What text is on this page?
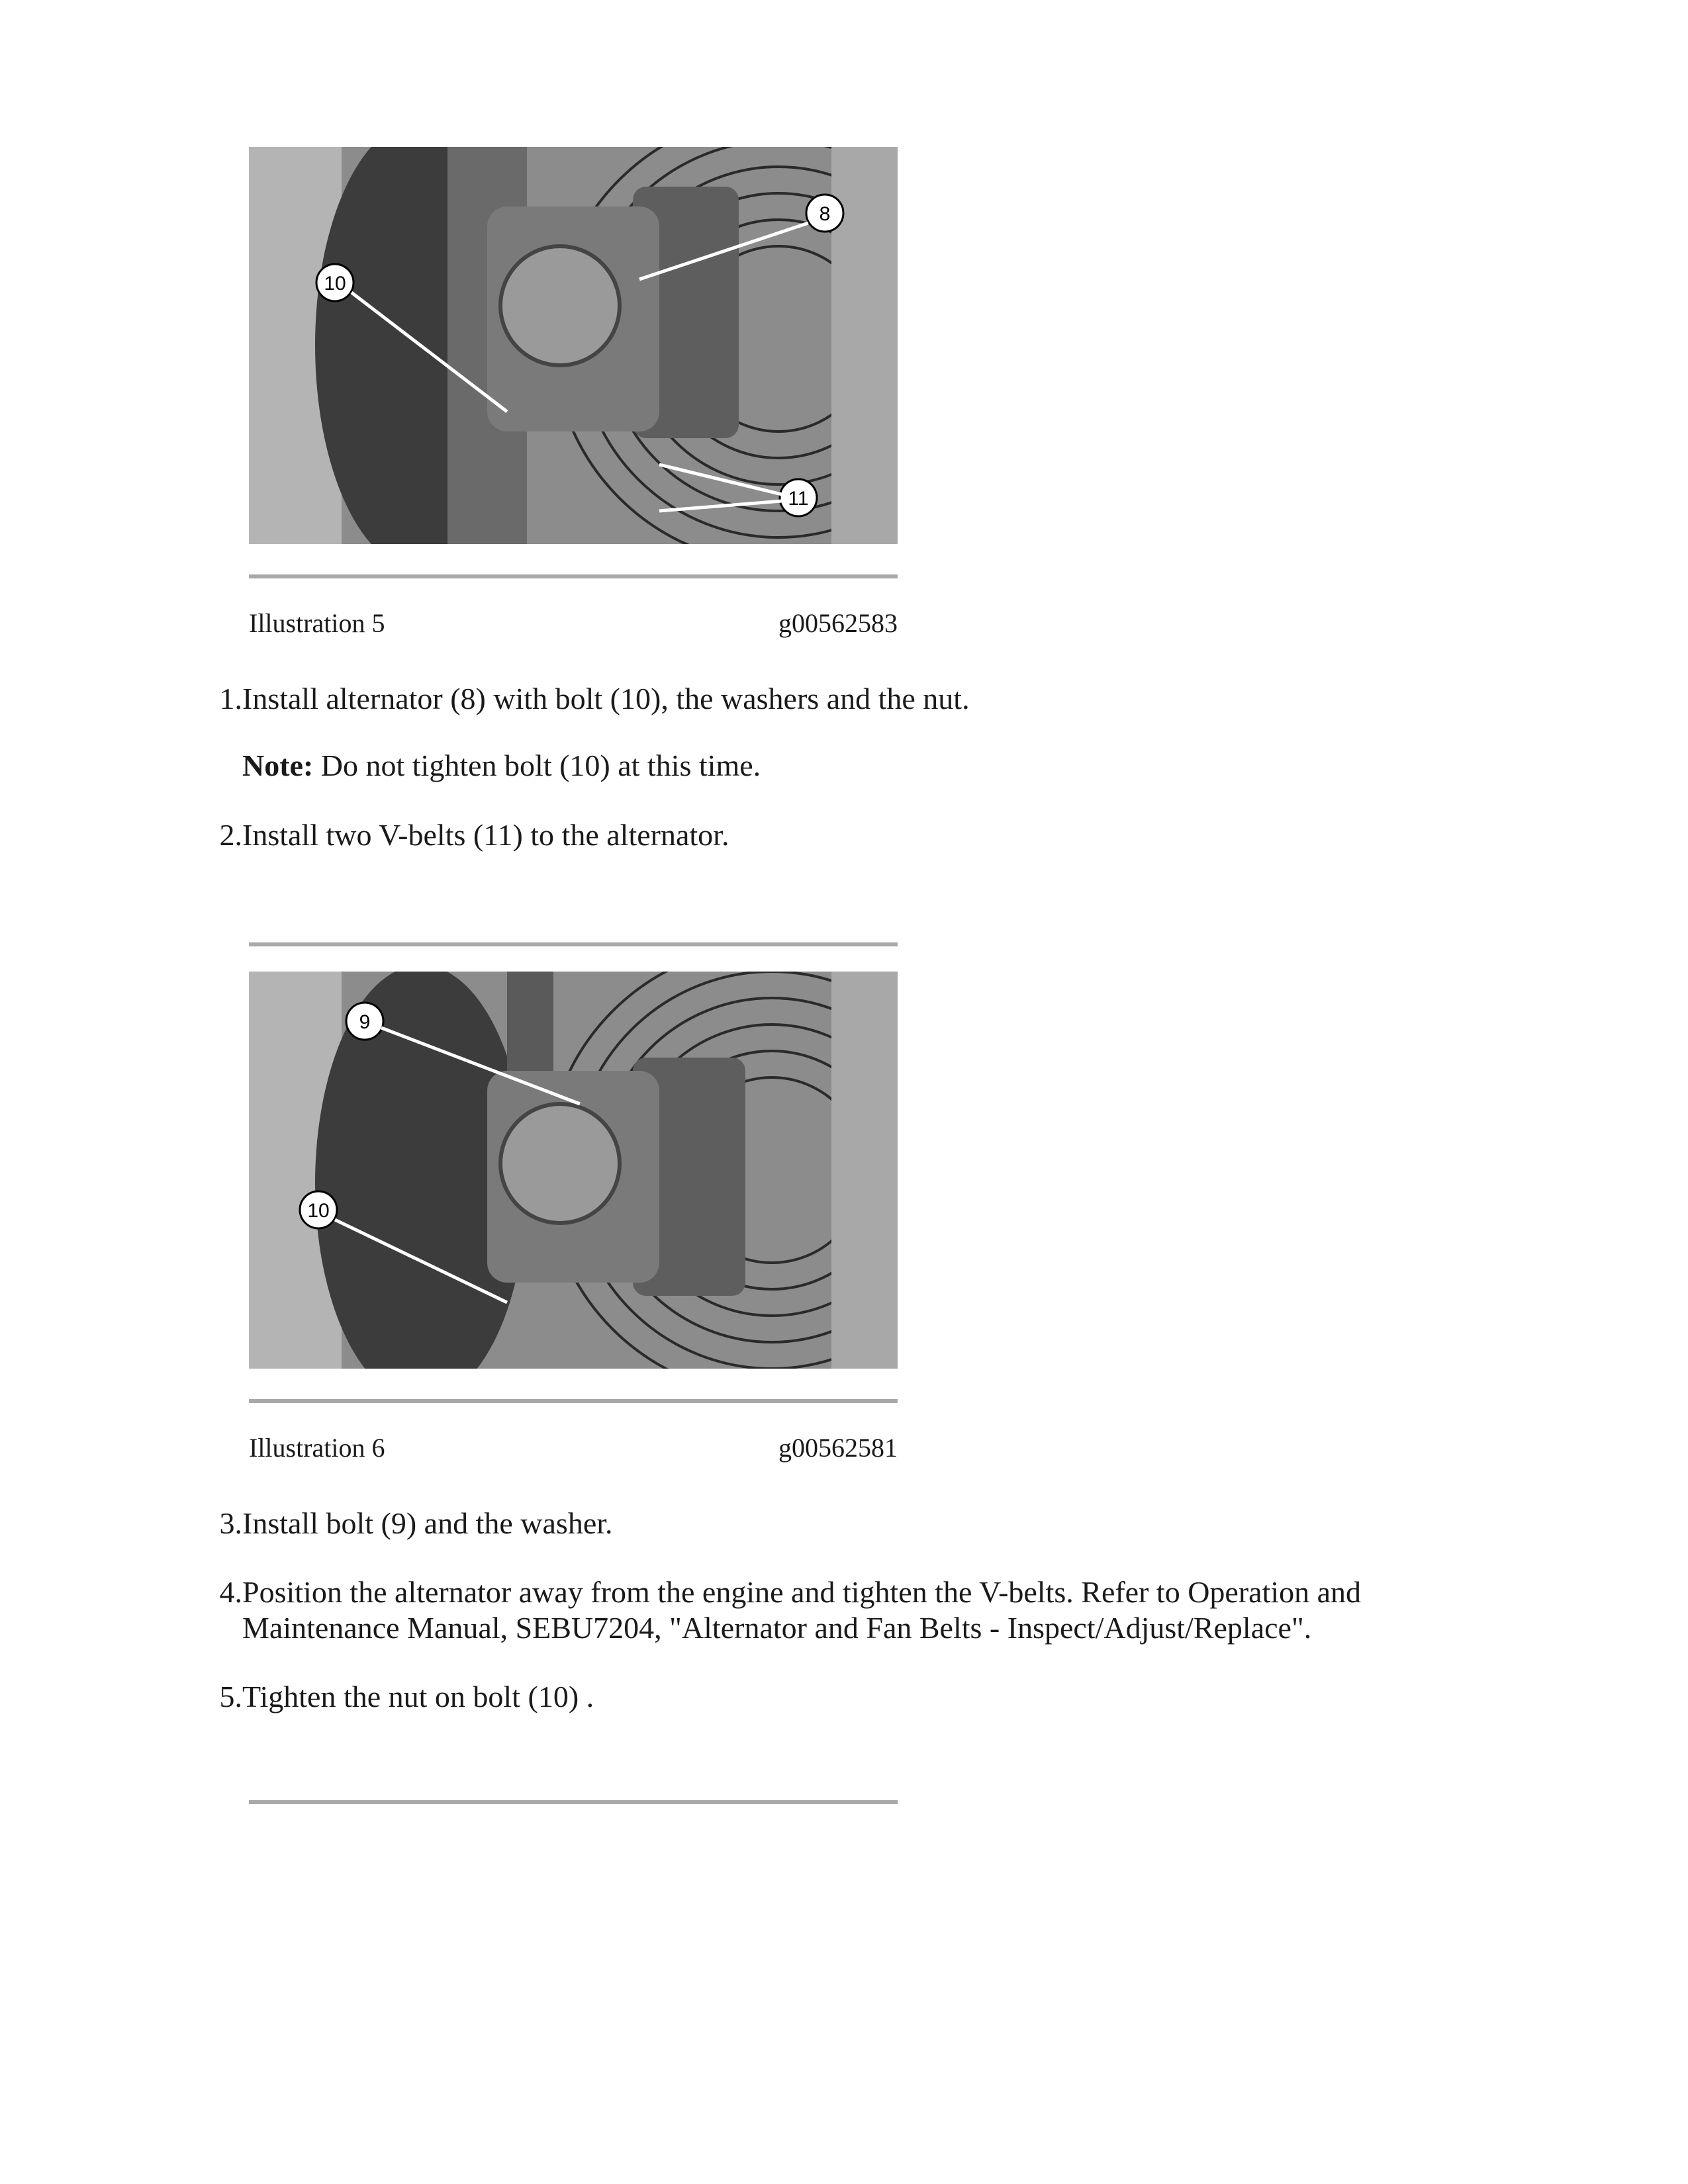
8
10
11
Illustration 5	g00562583
1. Install alternator (8) with bolt (10), the washers and the nut.
Note: Do not tighten bolt (10) at this time.
2. Install two V-belts (11) to the alternator.
9
10
Illustration 6	g00562581
3. Install bolt (9) and the washer.
4. Position the alternator away from the engine and tighten the V-belts. Refer to Operation and
Maintenance Manual, SEBU7204, "Alternator and Fan Belts - Inspect/Adjust/Replace".
5. Tighten the nut on bolt (10) .
